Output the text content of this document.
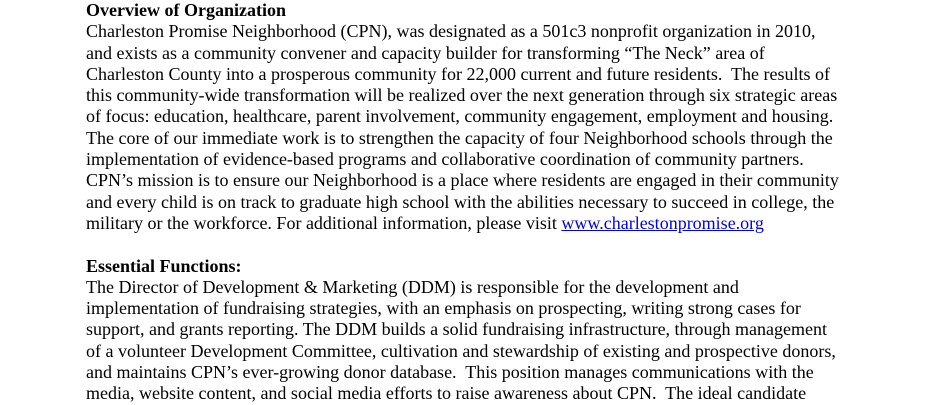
Overview of Organization
Charleston Promise Neighborhood (CPN), was designated as a 501c3 nonprofit organization in 2010,
and exists as a community convener and capacity builder for transforming “The Neck” area of
Charleston County into a prosperous community for 22,000 current and future residents.  The results of
this community-wide transformation will be realized over the next generation through six strategic areas
of focus: education, healthcare, parent involvement, community engagement, employment and housing.
The core of our immediate work is to strengthen the capacity of four Neighborhood schools through the
implementation of evidence-based programs and collaborative coordination of community partners.
CPN’s mission is to ensure our Neighborhood is a place where residents are engaged in their community
and every child is on track to graduate high school with the abilities necessary to succeed in college, the
military or the workforce. For additional information, please visit www.charlestonpromise.org
Essential Functions:
The Director of Development & Marketing (DDM) is responsible for the development and
implementation of fundraising strategies, with an emphasis on prospecting, writing strong cases for
support, and grants reporting. The DDM builds a solid fundraising infrastructure, through management
of a volunteer Development Committee, cultivation and stewardship of existing and prospective donors,
and maintains CPN’s ever-growing donor database.  This position manages communications with the
media, website content, and social media efforts to raise awareness about CPN.  The ideal candidate
